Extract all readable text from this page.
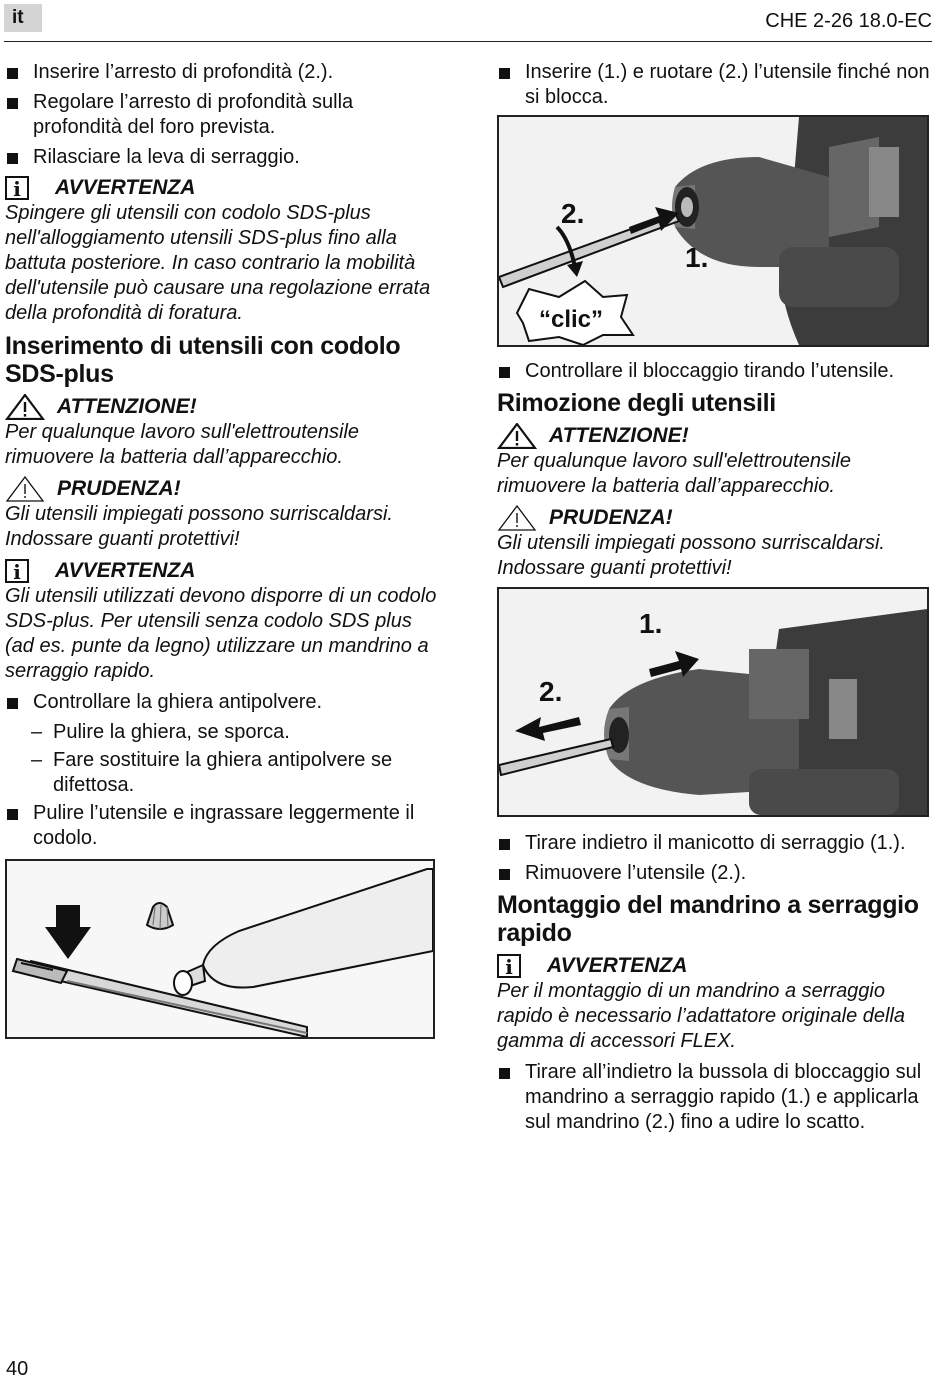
it	CHE 2-26 18.0-EC
Inserire l’arresto di profondità (2.).
Regolare l’arresto di profondità sulla profondità del foro prevista.
Rilasciare la leva di serraggio.
i
AVVERTENZA

Spingere gli utensili con codolo SDS-plus nell'alloggiamento utensili SDS-plus fino alla battuta posteriore. In caso contrario la mobilità dell'utensile può causare una regolazione errata della profondità di foratura.

Inserimento di utensili con codolo SDS-plus
ATTENZIONE!

Per qualunque lavoro sull'elettroutensile rimuovere la batteria dall’apparecchio.

PRUDENZA!

Gli utensili impiegati possono surriscaldarsi. Indossare guanti protettivi!

i
AVVERTENZA

Gli utensili utilizzati devono disporre di un codolo SDS-plus. Per utensili senza codolo SDS plus (ad es. punte da legno) utilizzare un mandrino a serraggio rapido.

Controllare la ghiera antipolvere.
– Pulire la ghiera, se sporca.
– Fare sostituire la ghiera antipolvere se difettosa.
Pulire l’utensile e ingrassare leggermente il codolo.
Inserire (1.) e ruotare (2.) l’utensile finché non si blocca.
2.
1.
“clic”
Controllare il bloccaggio tirando l’utensile.
Rimozione degli utensili
ATTENZIONE!

Per qualunque lavoro sull'elettroutensile rimuovere la batteria dall’apparecchio.

PRUDENZA!

Gli utensili impiegati possono surriscaldarsi. Indossare guanti protettivi!

1.
2.
Tirare indietro il manicotto di serraggio (1.).
Rimuovere l’utensile (2.).
Montaggio del mandrino a serraggio rapido
i
AVVERTENZA

Per il montaggio di un mandrino a serraggio rapido è necessario l’adattatore originale della gamma di accessori FLEX.

Tirare all’indietro la bussola di bloccaggio sul mandrino a serraggio rapido (1.) e applicarla sul mandrino (2.) fino a udire lo scatto.
40
